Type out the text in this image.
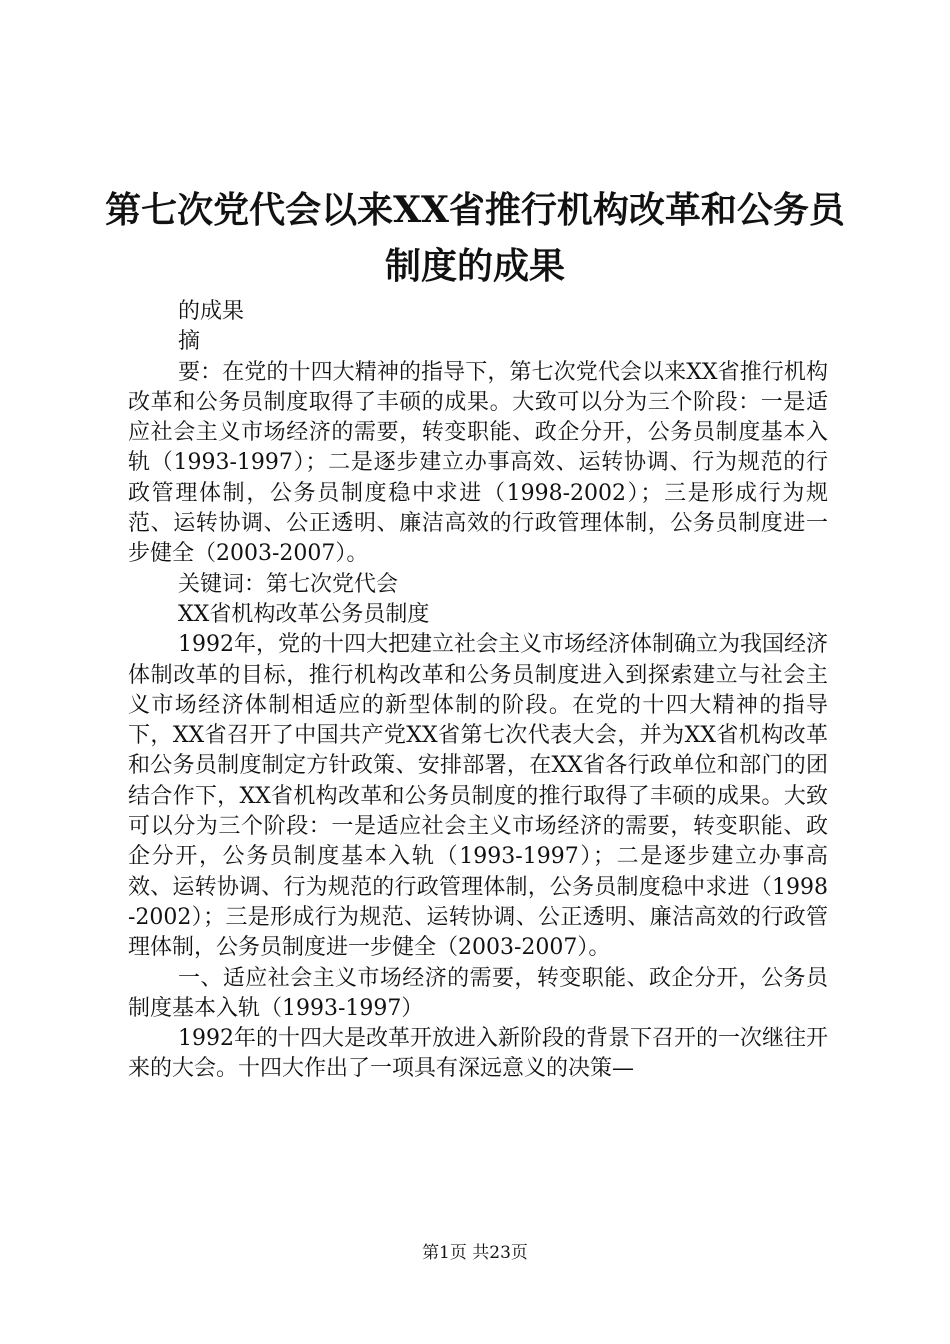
第七次党代会以来XX省推行机构改革和公务员制度的成果

的成果

摘

要：在党的十四大精神的指导下，第七次党代会以来XX省推行机构改革和公务员制度取得了丰硕的成果。大致可以分为三个阶段：一是适应社会主义市场经济的需要，转变职能、政企分开，公务员制度基本入轨（1993-1997）；二是逐步建立办事高效、运转协调、行为规范的行政管理体制，公务员制度稳中求进（1998-2002）；三是形成行为规范、运转协调、公正透明、廉洁高效的行政管理体制，公务员制度进一步健全（2003-2007）。

关键词：第七次党代会

XX省机构改革公务员制度

1992年，党的十四大把建立社会主义市场经济体制确立为我国经济体制改革的目标，推行机构改革和公务员制度进入到探索建立与社会主义市场经济体制相适应的新型体制的阶段。在党的十四大精神的指导下，XX省召开了中国共产党XX省第七次代表大会，并为XX省机构改革和公务员制度制定方针政策、安排部署，在XX省各行政单位和部门的团结合作下，XX省机构改革和公务员制度的推行取得了丰硕的成果。大致可以分为三个阶段：一是适应社会主义市场经济的需要，转变职能、政企分开，公务员制度基本入轨（1993-1997）；二是逐步建立办事高效、运转协调、行为规范的行政管理体制，公务员制度稳中求进（1998-2002）；三是形成行为规范、运转协调、公正透明、廉洁高效的行政管理体制，公务员制度进一步健全（2003-2007）。

一、适应社会主义市场经济的需要，转变职能、政企分开，公务员制度基本入轨（1993-1997）

1992年的十四大是改革开放进入新阶段的背景下召开的一次继往开来的大会。十四大作出了一项具有深远意义的决策—

第1页 共23页
